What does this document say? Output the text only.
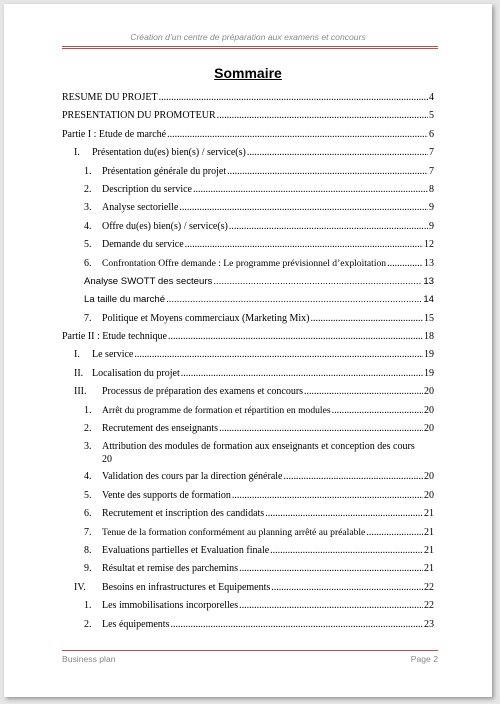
Création d’un centre de préparation aux examens et concours
Sommaire
RESUME DU PROJET .....	4
PRESENTATION DU PROMOTEUR .....	5
Partie I : Etude de marché .....	6
I.	Présentation du(es) bien(s) / service(s) .....	7
1.	Présentation générale du projet .....	7
2.	Description du service .....	8
3.	Analyse sectorielle .....	9
4.	Offre du(es) bien(s) / service(s) .....	9
5.	Demande du service .....	12
6.	Confrontation Offre demande : Le programme prévisionnel d’exploitation .....	13
Analyse SWOTT des secteurs .....	13
La taille du marché .....	14
7.	Politique et Moyens commerciaux (Marketing Mix) .....	15
Partie II : Etude technique .....	18
I.	Le service .....	19
II. Localisation du projet .....	19
III.	Processus de préparation des examens et concours .....	20
1.	Arrêt du programme de formation et répartition en modules .....	20
2.	Recrutement des enseignants .....	20
3.	Attribution des modules de formation aux enseignants et conception des cours
20
4.	Validation des cours par la direction générale .....	20
5.	Vente des supports de formation .....	20
6.	Recrutement et inscription des candidats .....	21
7.	Tenue de la formation conformément au planning arrêté au préalable .....	21
8.	Evaluations partielles et Evaluation finale .....	21
9.	Résultat et remise des parchemins .....	21
IV.	Besoins en infrastructures et Equipements .....	22
1.	Les immobilisations incorporelles .....	22
2.	Les équipements .....	23
Business plan	Page 2
